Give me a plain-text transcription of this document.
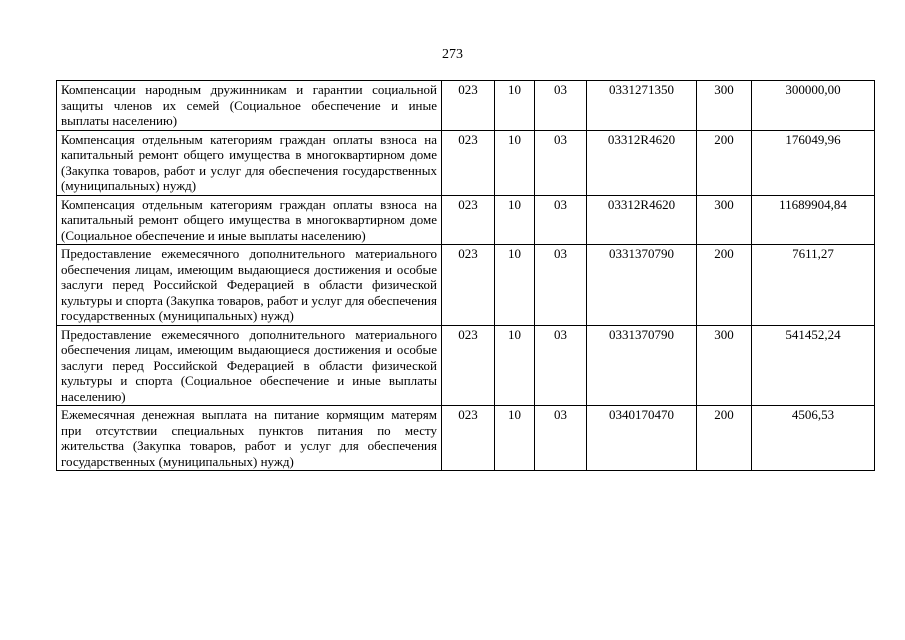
273
Компенсации народным дружинникам и гарантии социальной защиты членов их семей (Социальное обеспечение и иные выплаты населению)	023	10	03	0331271350	300	300000,00
Компенсация отдельным категориям граждан оплаты взноса на капитальный ремонт общего имущества в многоквартирном доме (Закупка товаров, работ и услуг для обеспечения государственных (муниципальных) нужд)	023	10	03	03312R4620	200	176049,96
Компенсация отдельным категориям граждан оплаты взноса на капитальный ремонт общего имущества в многоквартирном доме (Социальное обеспечение и иные выплаты населению)	023	10	03	03312R4620	300	11689904,84
Предоставление ежемесячного дополнительного материального обеспечения лицам, имеющим выдающиеся достижения и особые заслуги перед Российской Федерацией в области физической культуры и спорта (Закупка товаров, работ и услуг для обеспечения государственных (муниципальных) нужд)	023	10	03	0331370790	200	7611,27
Предоставление ежемесячного дополнительного материального обеспечения лицам, имеющим выдающиеся достижения и особые заслуги перед Российской Федерацией в области физической культуры и спорта (Социальное обеспечение и иные выплаты населению)	023	10	03	0331370790	300	541452,24
Ежемесячная денежная выплата на питание кормящим матерям при отсутствии специальных пунктов питания по месту жительства (Закупка товаров, работ и услуг для обеспечения государственных (муниципальных) нужд)	023	10	03	0340170470	200	4506,53
